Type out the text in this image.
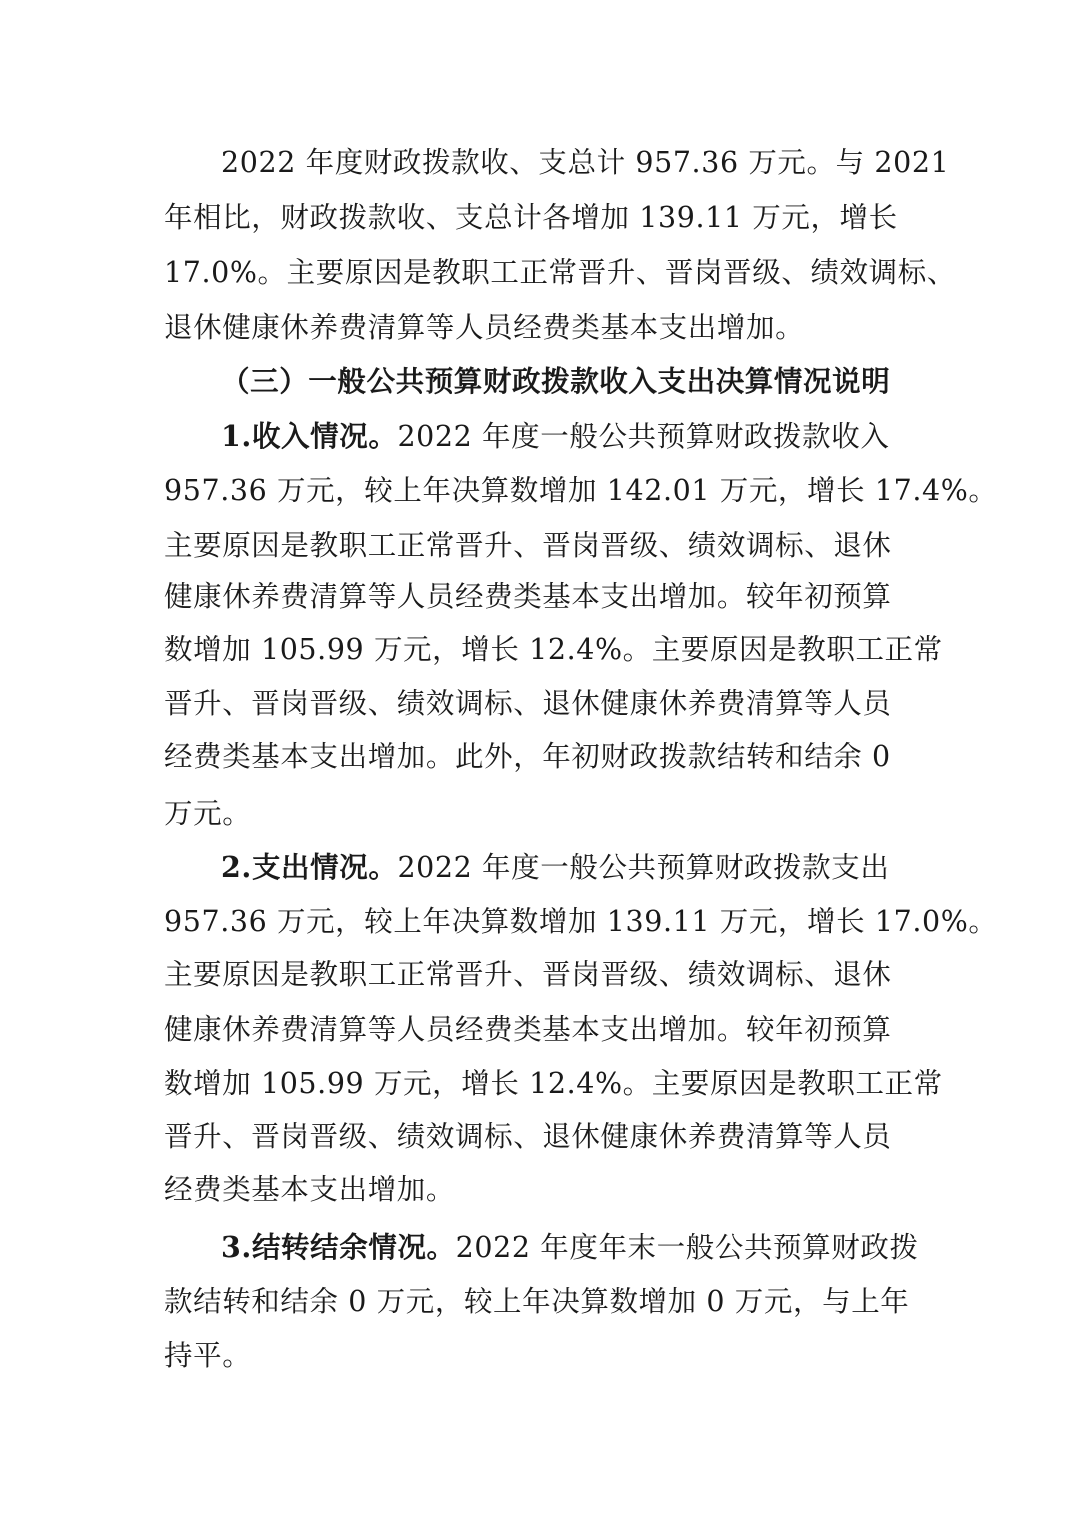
2022 年度财政拨款收、支总计 957.36 万元。与 2021
年相比，财政拨款收、支总计各增加 139.11 万元，增长
17.0%。主要原因是教职工正常晋升、晋岗晋级、绩效调标、
退休健康休养费清算等人员经费类基本支出增加。
（三）一般公共预算财政拨款收入支出决算情况说明
1.收入情况。2022 年度一般公共预算财政拨款收入
957.36 万元，较上年决算数增加 142.01 万元，增长 17.4%。
主要原因是教职工正常晋升、晋岗晋级、绩效调标、退休
健康休养费清算等人员经费类基本支出增加。较年初预算
数增加 105.99 万元，增长 12.4%。主要原因是教职工正常
晋升、晋岗晋级、绩效调标、退休健康休养费清算等人员
经费类基本支出增加。此外，年初财政拨款结转和结余 0
万元。
2.支出情况。2022 年度一般公共预算财政拨款支出
957.36 万元，较上年决算数增加 139.11 万元，增长 17.0%。
主要原因是教职工正常晋升、晋岗晋级、绩效调标、退休
健康休养费清算等人员经费类基本支出增加。较年初预算
数增加 105.99 万元，增长 12.4%。主要原因是教职工正常
晋升、晋岗晋级、绩效调标、退休健康休养费清算等人员
经费类基本支出增加。
3.结转结余情况。2022 年度年末一般公共预算财政拨
款结转和结余 0 万元，较上年决算数增加 0 万元，与上年
持平。
